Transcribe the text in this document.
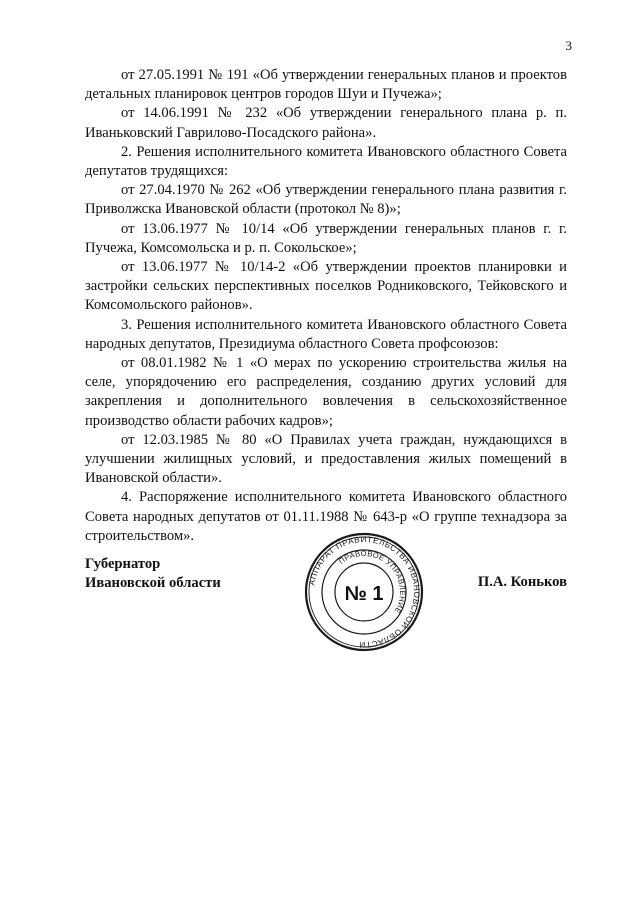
3

от 27.05.1991 № 191 «Об утверждении генеральных планов и проектов детальных планировок центров городов Шуи и Пучежа»;

от 14.06.1991 № 232 «Об утверждении генерального плана р. п. Иваньковский Гаврилово-Посадского района».

2. Решения исполнительного комитета Ивановского областного Совета депутатов трудящихся:

от 27.04.1970 № 262 «Об утверждении генерального плана развития г. Приволжска Ивановской области (протокол № 8)»;

от 13.06.1977 № 10/14 «Об утверждении генеральных планов г. г. Пучежа, Комсомольска и р. п. Сокольское»;

от 13.06.1977 № 10/14-2 «Об утверждении проектов планировки и застройки сельских перспективных поселков Родниковского, Тейковского и Комсомольского районов».

3. Решения исполнительного комитета Ивановского областного Совета народных депутатов, Президиума областного Совета профсоюзов:

от 08.01.1982 № 1 «О мерах по ускорению строительства жилья на селе, упорядочению его распределения, созданию других условий для закрепления и дополнительного вовлечения в сельскохозяйственное производство области рабочих кадров»;

от 12.03.1985 № 80 «О Правилах учета граждан, нуждающихся в улучшении жилищных условий, и предоставления жилых помещений в Ивановской области».

4. Распоряжение исполнительного комитета Ивановского областного Совета народных депутатов от 01.11.1988 № 643-р «О группе технадзора за строительством».

Губернатор
Ивановской области	АППАРАТ ПРАВИТЕЛЬСТВА ИВАНОВСКОЙ ОБЛАСТИ
ПРАВОВОЕ УПРАВЛЕНИЕ
№ 1
П.А. Коньков
